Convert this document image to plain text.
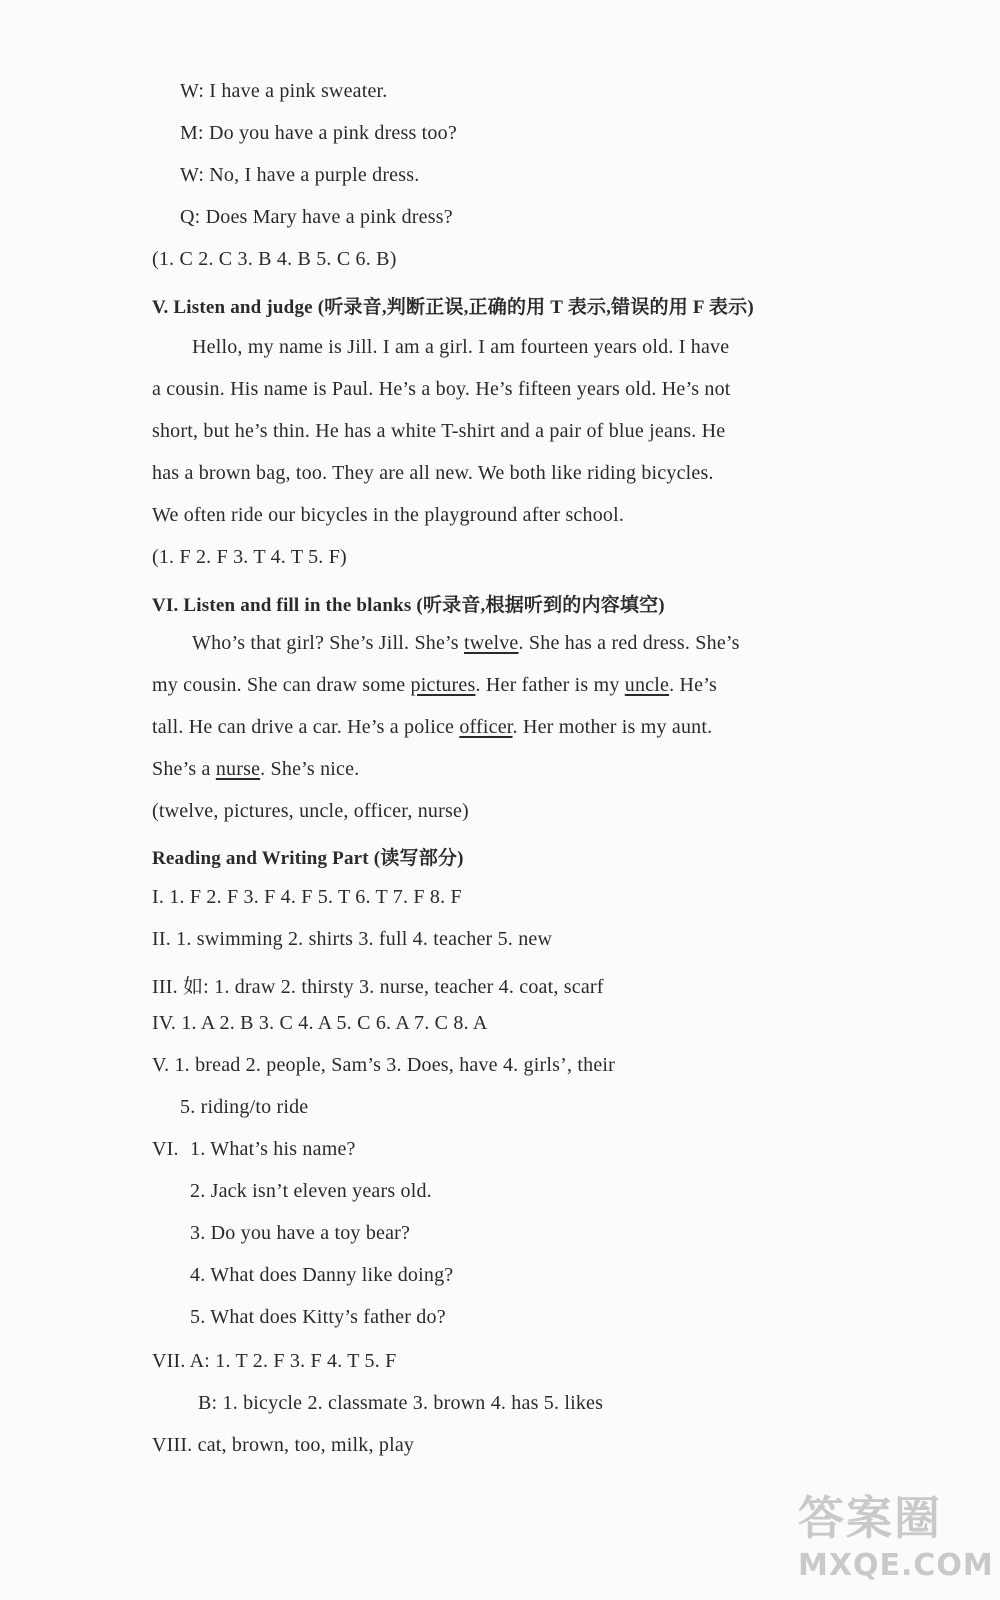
W: I have a pink sweater.
M: Do you have a pink dress too?
W: No, I have a purple dress.
Q: Does Mary have a pink dress?
(1. C 2. C 3. B 4. B 5. C 6. B)
V. Listen and judge (听录音,判断正误,正确的用 T 表示,错误的用 F 表示)
Hello, my name is Jill. I am a girl. I am fourteen years old. I have
a cousin. His name is Paul. He’s a boy. He’s fifteen years old. He’s not
short, but he’s thin. He has a white T-shirt and a pair of blue jeans. He
has a brown bag, too. They are all new. We both like riding bicycles.
We often ride our bicycles in the playground after school.
(1. F 2. F 3. T 4. T 5. F)
VI. Listen and fill in the blanks (听录音,根据听到的内容填空)
Who’s that girl? She’s Jill. She’s twelve. She has a red dress. She’s
my cousin. She can draw some pictures. Her father is my uncle. He’s
tall. He can drive a car. He’s a police officer. Her mother is my aunt.
She’s a nurse. She’s nice.
(twelve, pictures, uncle, officer, nurse)
Reading and Writing Part (读写部分)
I. 1. F 2. F 3. F 4. F 5. T 6. T 7. F 8. F
II. 1. swimming 2. shirts 3. full 4. teacher 5. new
III. 如: 1. draw 2. thirsty 3. nurse, teacher 4. coat, scarf
IV. 1. A 2. B 3. C 4. A 5. C 6. A 7. C 8. A
V. 1. bread 2. people, Sam’s 3. Does, have 4. girls’, their
5. riding/to ride
VI. 1. What’s his name?
2. Jack isn’t eleven years old.
3. Do you have a toy bear?
4. What does Danny like doing?
5. What does Kitty’s father do?
VII. A: 1. T 2. F 3. F 4. T 5. F
B: 1. bicycle 2. classmate 3. brown 4. has 5. likes
VIII. cat, brown, too, milk, play
答案圈
MXQE.COM
